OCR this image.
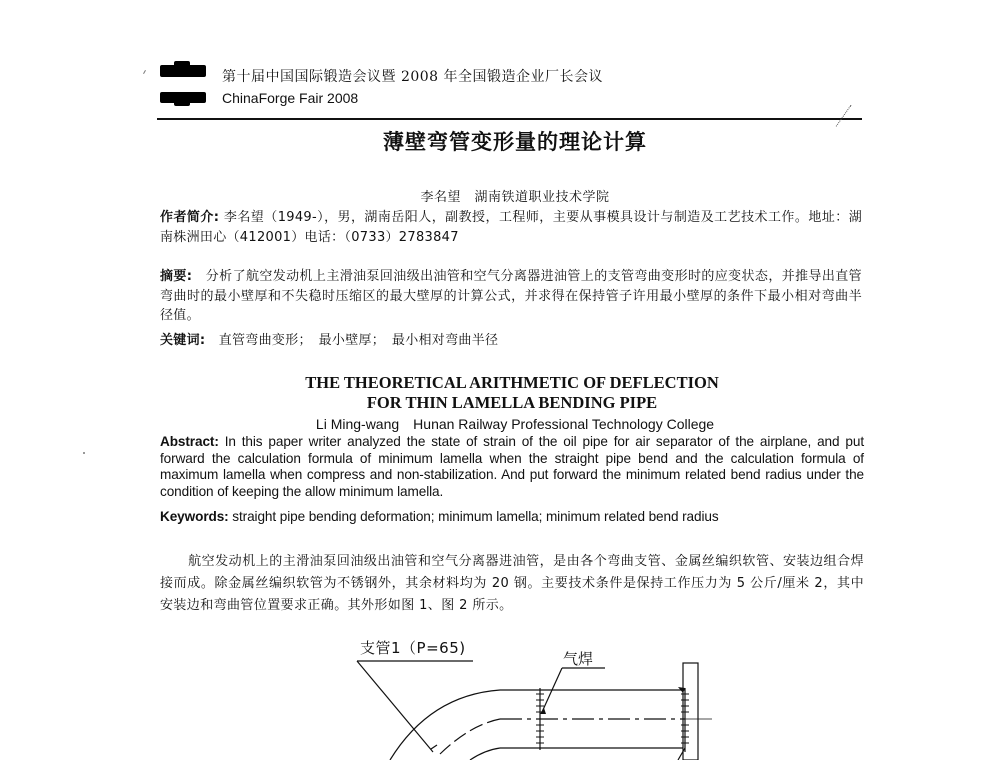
第十届中国国际锻造会议暨 2008 年全国锻造企业厂长会议
ChinaForge Fair 2008
薄壁弯管变形量的理论计算
李名望　湖南铁道职业技术学院
作者简介: 李名望（1949-），男，湖南岳阳人，副教授，工程师，主要从事模具设计与制造及工艺技术工作。地址：湖南株洲田心（412001）电话：（0733）2783847
摘要:　分析了航空发动机上主滑油泵回油级出油管和空气分离器进油管上的支管弯曲变形时的应变状态，并推导出直管弯曲时的最小壁厚和不失稳时压缩区的最大壁厚的计算公式，并求得在保持管子许用最小壁厚的条件下最小相对弯曲半径值。
关键词:　直管弯曲变形；　最小壁厚；　最小相对弯曲半径
THE THEORETICAL ARITHMETIC OF DEFLECTION
FOR THIN LAMELLA BENDING PIPE
Li Ming-wang　Hunan Railway Professional Technology College
Abstract: In this paper writer analyzed the state of strain of the oil pipe for air separator of the airplane, and put forward the calculation formula of minimum lamella when the straight pipe bend and the calculation formula of maximum lamella when compress and non-stabilization. And put forward the minimum related bend radius under the condition of keeping the allow minimum lamella.
Keywords: straight pipe bending deformation; minimum lamella; minimum related bend radius
航空发动机上的主滑油泵回油级出油管和空气分离器进油管，是由各个弯曲支管、金属丝编织软管、安装边组合焊接而成。除金属丝编织软管为不锈钢外，其余材料均为 20 钢。主要技术条件是保持工作压力为 5 公斤/厘米 2，其中安装边和弯曲管位置要求正确。其外形如图 1、图 2 所示。
支管1（P=65)
气焊
